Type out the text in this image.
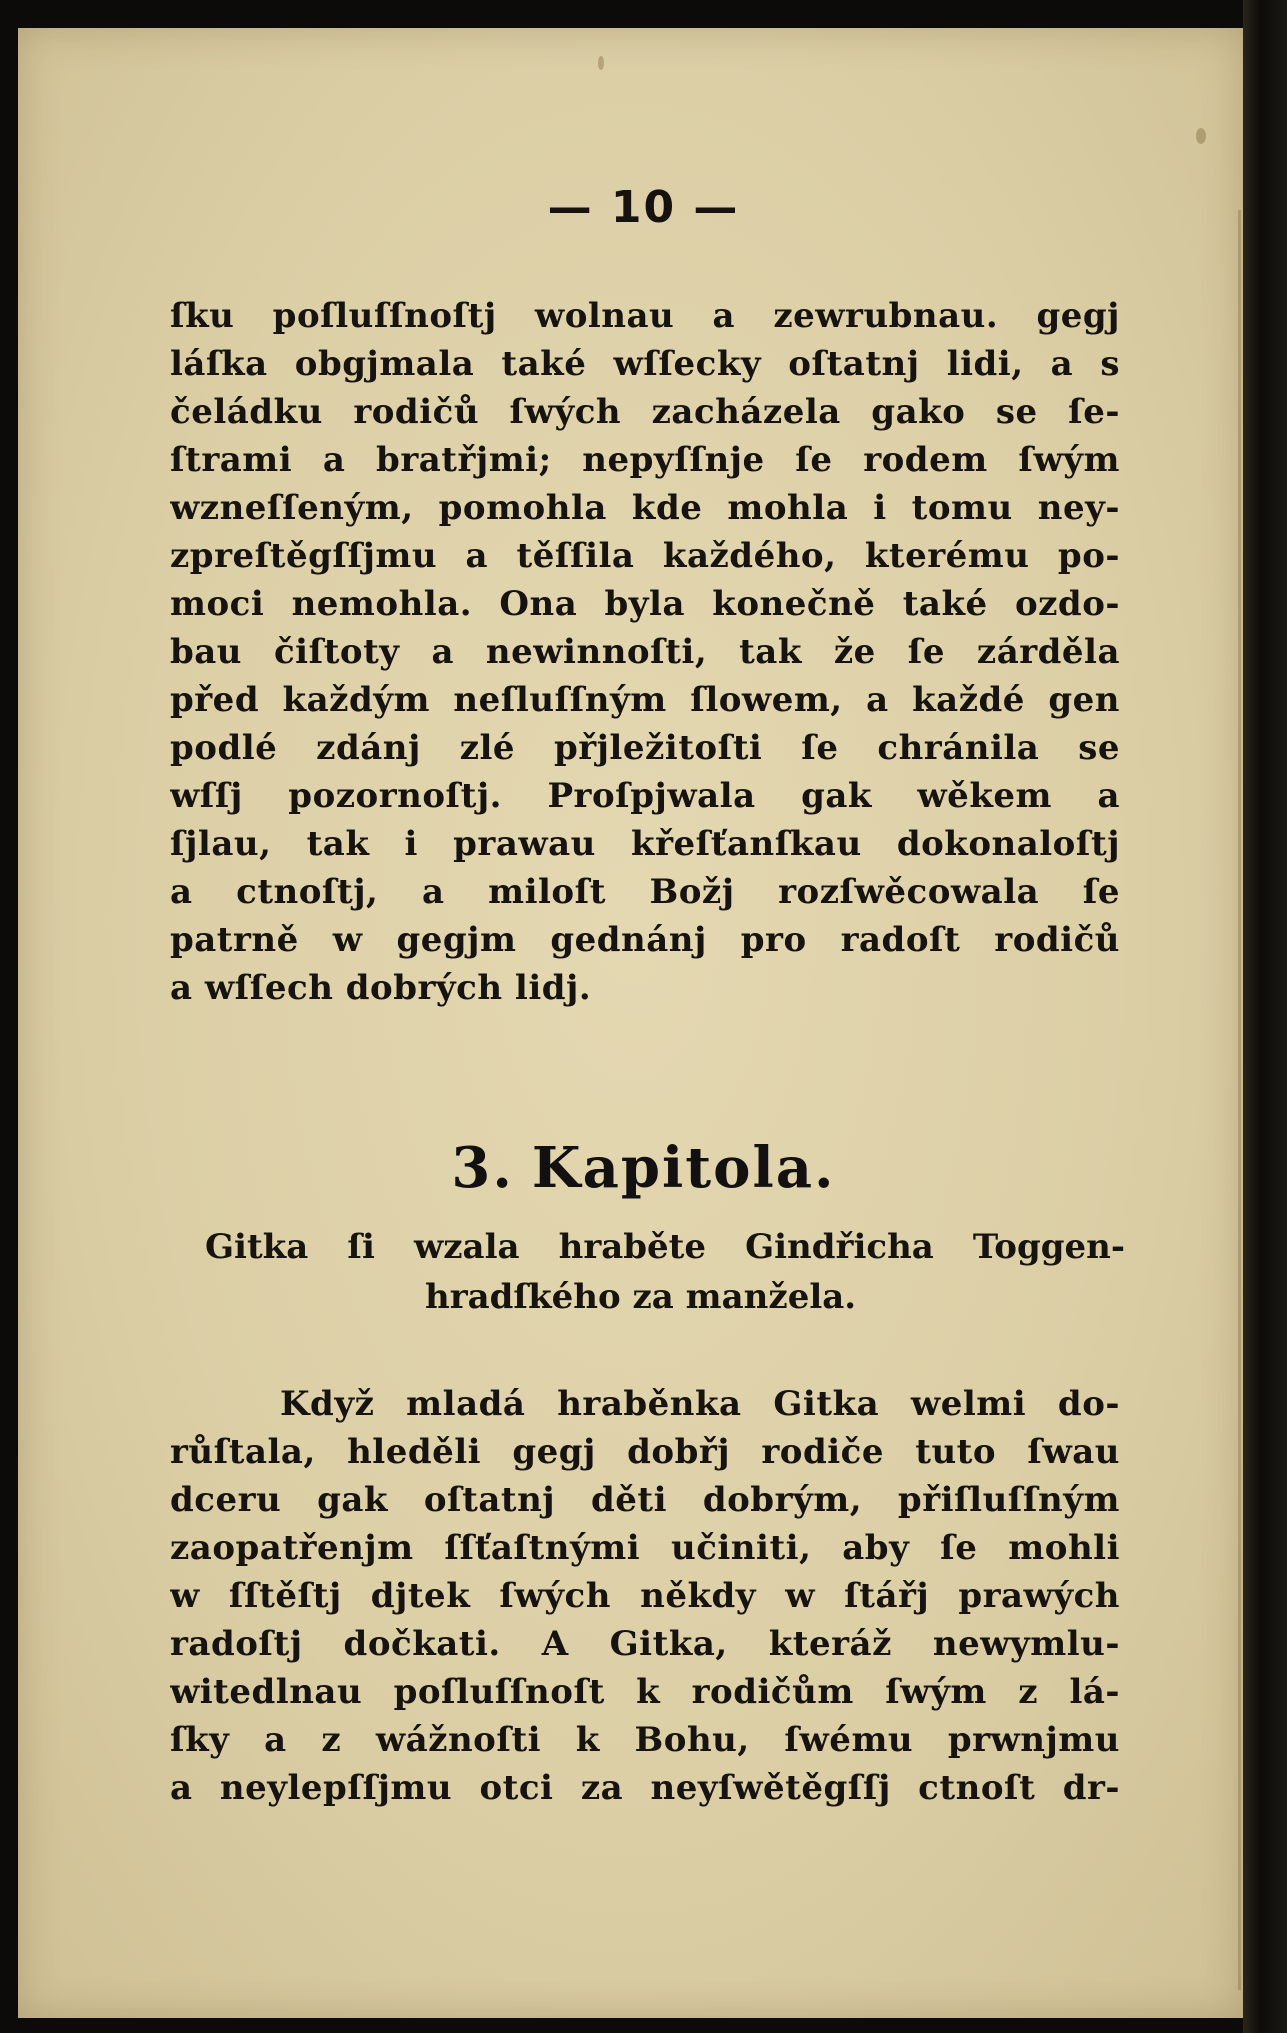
— 10 —
ſku poſluſſnoſtj wolnau a zewrubnau. gegj
láſka obgjmala také wſſecky oſtatnj lidi, a s
čeládku rodičů ſwých zacházela gako se ſe-
ſtrami a bratřjmi; nepyſſnje ſe rodem ſwým
wzneſſeným, pomohla kde mohla i tomu ney-
zpreſtěgſſjmu a těſſila každého, kterému po-
moci nemohla. Ona byla konečně také ozdo-
bau čiſtoty a newinnoſti, tak že ſe zárděla
před každým neſluſſným ſlowem, a každé gen
podlé zdánj zlé přjležitoſti ſe chránila se
wſſj pozornoſtj. Proſpjwala gak wěkem a
ſjlau, tak i prawau křeſťanſkau dokonaloſtj
a ctnoſtj, a miloſt Božj rozſwěcowala ſe
patrně w gegjm gednánj pro radoſt rodičů
a wſſech dobrých lidj.
3. Kapitola.
Gitka ſi wzala hraběte Gindřicha Toggen-
hradſkého za manžela.
Když mladá hraběnka Gitka welmi do-
růſtala, hleděli gegj dobřj rodiče tuto ſwau
dceru gak oſtatnj děti dobrým, přiſluſſným
zaopatřenjm ſſťaſtnými učiniti, aby ſe mohli
w ſſtěſtj djtek ſwých někdy w ſtářj prawých
radoſtj dočkati. A Gitka, kteráž newymlu-
witedlnau poſluſſnoſt k rodičům ſwým z lá-
ſky a z wážnoſti k Bohu, ſwému prwnjmu
a neylepſſjmu otci za neyſwětěgſſj ctnoſt dr-
